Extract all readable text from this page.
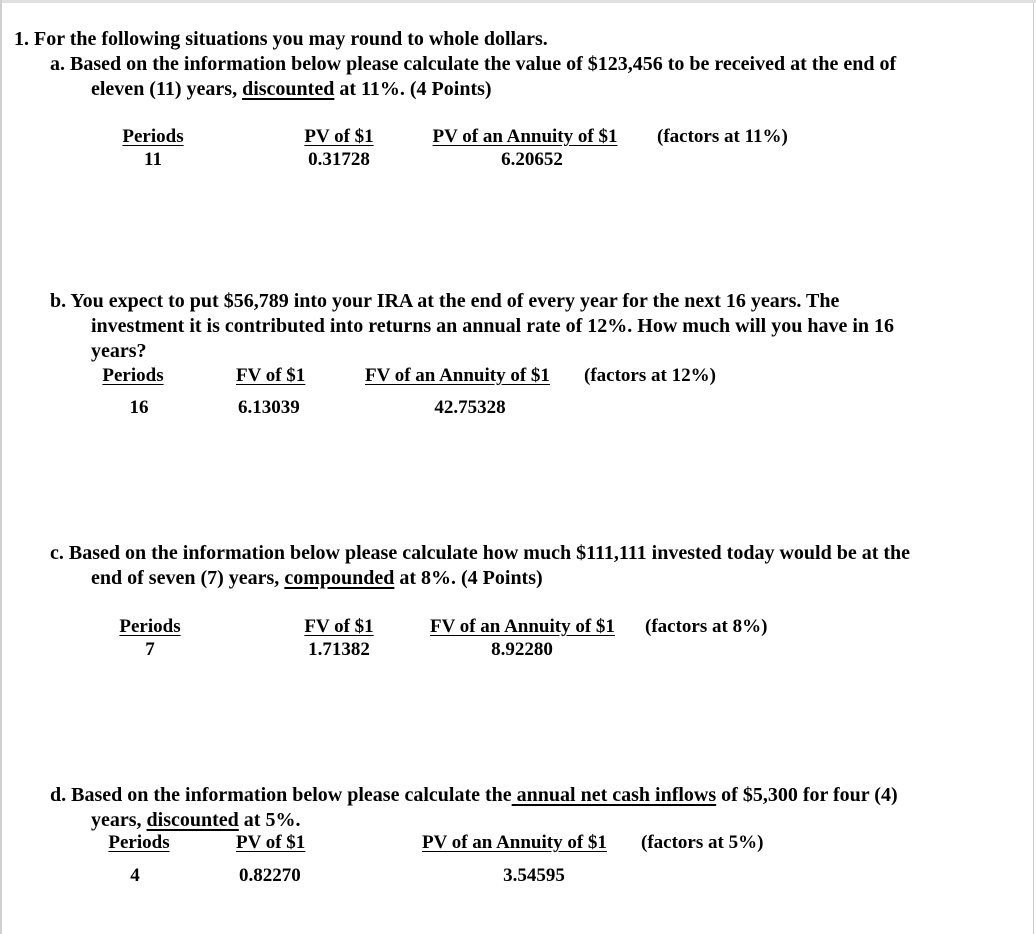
1. For the following situations you may round to whole dollars.
a. Based on the information below please calculate the value of $123,456 to be received at the end of
eleven (11) years, discounted at 11%. (4 Points)
Periods	PV of $1	PV of an Annuity of $1	(factors at 11%)
11	0.31728	6.20652
b. You expect to put $56,789 into your IRA at the end of every year for the next 16 years. The
investment it is contributed into returns an annual rate of 12%. How much will you have in 16
years?
Periods	FV of $1	FV of an Annuity of $1 (factors at 12%)
16	6.13039	42.75328
c. Based on the information below please calculate how much $111,111 invested today would be at the
end of seven (7) years, compounded at 8%. (4 Points)
Periods	FV of $1	FV of an Annuity of $1 (factors at 8%)
7	1.71382	8.92280
d. Based on the information below please calculate the annual net cash inflows of $5,300 for four (4)
years, discounted at 5%.
Periods	PV of $1	PV of an Annuity of $1 (factors at 5%)
4	0.82270	3.54595
